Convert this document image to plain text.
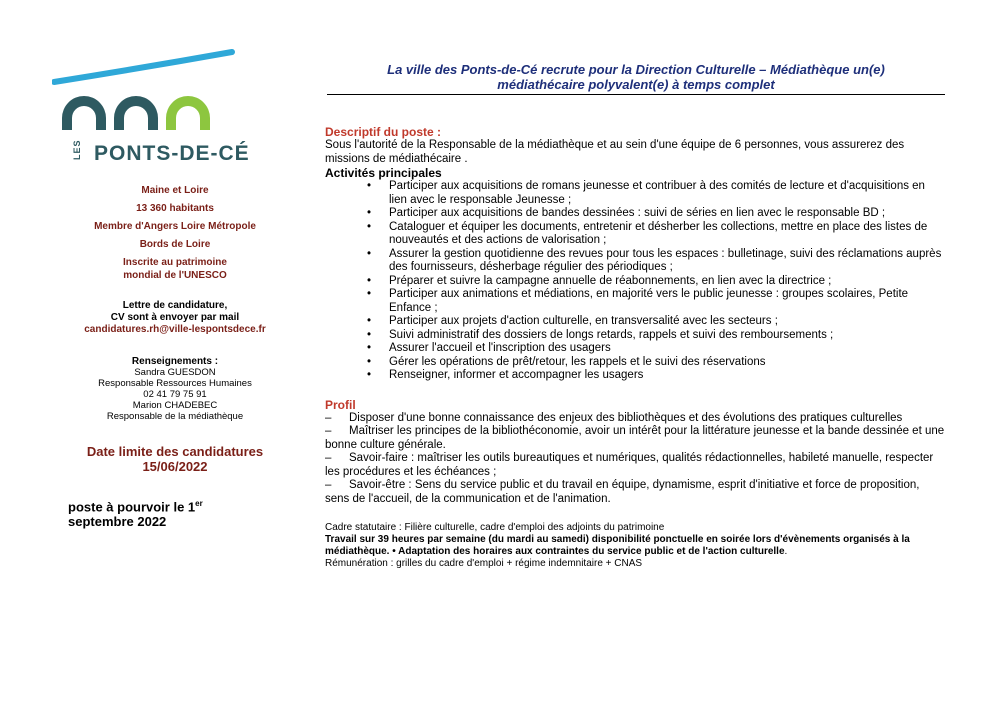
LES PONTS-DE-CÉ

Maine et Loire

13 360 habitants

Membre d'Angers Loire Métropole

Bords de Loire

Inscrite au patrimoine

mondial de l'UNESCO

Lettre de candidature,
CV sont à envoyer par mail
candidatures.rh@ville-lespontsdece.fr
Renseignements :
Sandra GUESDON
Responsable Ressources Humaines
02 41 79 75 91
Marion CHADEBEC
Responsable de la médiathèque
Date limite des candidatures
15/06/2022
poste à pourvoir le 1er
septembre 2022
La ville des Ponts-de-Cé recrute pour la Direction Culturelle – Médiathèque un(e)
médiathécaire polyvalent(e) à temps complet
Descriptif du poste :
Sous l'autorité de la Responsable de la médiathèque et au sein d'une équipe de 6 personnes, vous assurerez des missions de médiathécaire .
Activités principales
• Participer aux acquisitions de romans jeunesse et contribuer à des comités de lecture et d'acquisitions en lien avec le responsable Jeunesse ;
• Participer aux acquisitions de bandes dessinées : suivi de séries en lien avec le responsable BD ;
• Cataloguer et équiper les documents, entretenir et désherber les collections, mettre en place des listes de nouveautés et des actions de valorisation ;
• Assurer la gestion quotidienne des revues pour tous les espaces : bulletinage, suivi des réclamations auprès des fournisseurs, désherbage régulier des périodiques ;
• Préparer et suivre la campagne annuelle de réabonnements, en lien avec la directrice ;
• Participer aux animations et médiations, en majorité vers le public jeunesse : groupes scolaires, Petite Enfance ;
• Participer aux projets d'action culturelle, en transversalité avec les secteurs ;
• Suivi administratif des dossiers de longs retards, rappels et suivi des remboursements ;
• Assurer l'accueil et l'inscription des usagers
• Gérer les opérations de prêt/retour, les rappels et le suivi des réservations
• Renseigner, informer et accompagner les usagers
Profil
– Disposer d'une bonne connaissance des enjeux des bibliothèques et des évolutions des pratiques culturelles
– Maîtriser les principes de la bibliothéconomie, avoir un intérêt pour la littérature jeunesse et la bande dessinée et une bonne culture générale.
– Savoir-faire : maîtriser les outils bureautiques et numériques, qualités rédactionnelles, habileté manuelle, respecter les procédures et les échéances ;
– Savoir-être : Sens du service public et du travail en équipe, dynamisme, esprit d'initiative et force de proposition, sens de l'accueil, de la communication et de l'animation.
Cadre statutaire : Filière culturelle, cadre d'emploi des adjoints du patrimoine
Travail sur 39 heures par semaine (du mardi au samedi) disponibilité ponctuelle en soirée lors d'évènements organisés à la médiathèque. • Adaptation des horaires aux contraintes du service public et de l'action culturelle.
Rémunération : grilles du cadre d'emploi + régime indemnitaire + CNAS
